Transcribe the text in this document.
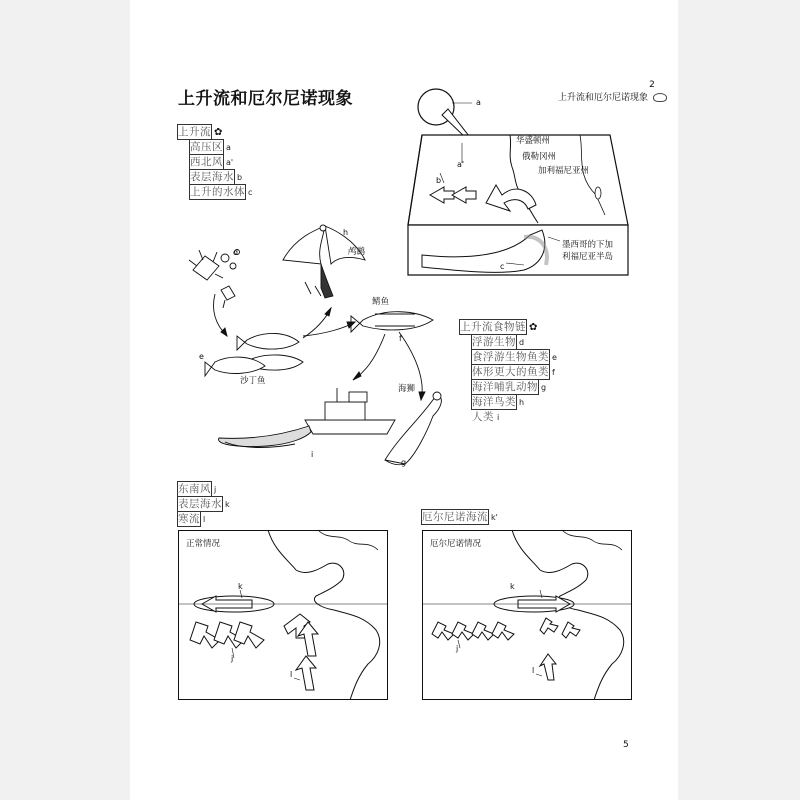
上升流和厄尔尼诺现象
2
上升流和厄尔尼诺现象
上升流 ✿
高压区 a
西北风 a'
表层海水 b
上升的水体 c
a
a'
b
c
华盛顿州
俄勒冈州
加利福尼亚州
墨西哥的下加
利福尼亚半岛
d
h
e
f
g
i
鸬鹚
鲭鱼
沙丁鱼
海狮
上升流食物链 ✿
浮游生物 d
食浮游生物鱼类 e
体形更大的鱼类 f
海洋哺乳动物 g
海洋鸟类 h
人类 i
东南风 j
表层海水 k
寒流 l	厄尔尼诺海流 k'
正常情况
k
j
l
厄尔尼诺情况
k
j
l
5
